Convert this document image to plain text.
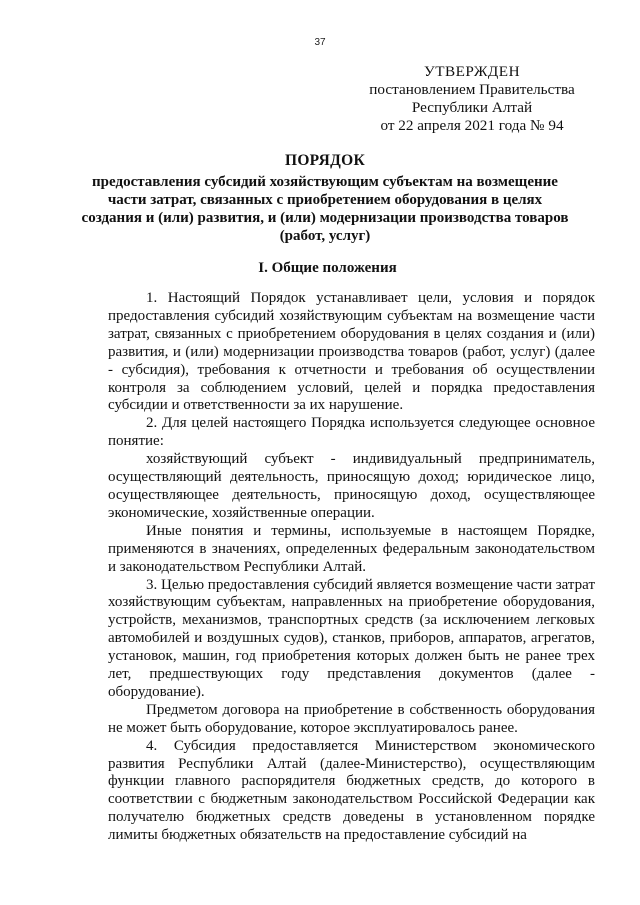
37
УТВЕРЖДЕН
постановлением Правительства
Республики Алтай
от 22 апреля 2021 года № 94
ПОРЯДОК
предоставления субсидий хозяйствующим субъектам на возмещение части затрат, связанных с приобретением оборудования в целях создания и (или) развития, и (или) модернизации производства товаров (работ, услуг)
I. Общие положения

1. Настоящий Порядок устанавливает цели, условия и порядок предоставления субсидий хозяйствующим субъектам на возмещение части затрат, связанных с приобретением оборудования в целях создания и (или) развития, и (или) модернизации производства товаров (работ, услуг) (далее - субсидия), требования к отчетности и требования об осуществлении контроля за соблюдением условий, целей и порядка предоставления субсидии и ответственности за их нарушение.

2. Для целей настоящего Порядка используется следующее основное понятие:

хозяйствующий субъект - индивидуальный предприниматель, осуществляющий деятельность, приносящую доход; юридическое лицо, осуществляющее деятельность, приносящую доход, осуществляющее экономические, хозяйственные операции.

Иные понятия и термины, используемые в настоящем Порядке, применяются в значениях, определенных федеральным законодательством и законодательством Республики Алтай.

3. Целью предоставления субсидий является возмещение части затрат хозяйствующим субъектам, направленных на приобретение оборудования, устройств, механизмов, транспортных средств (за исключением легковых автомобилей и воздушных судов), станков, приборов, аппаратов, агрегатов, установок, машин, год приобретения которых должен быть не ранее трех лет, предшествующих году представления документов (далее - оборудование).

Предметом договора на приобретение в собственность оборудования не может быть оборудование, которое эксплуатировалось ранее.

4. Субсидия предоставляется Министерством экономического развития Республики Алтай (далее-Министерство), осуществляющим функции главного распорядителя бюджетных средств, до которого в соответствии с бюджетным законодательством Российской Федерации как получателю бюджетных средств доведены в установленном порядке лимиты бюджетных обязательств на предоставление субсидий на
